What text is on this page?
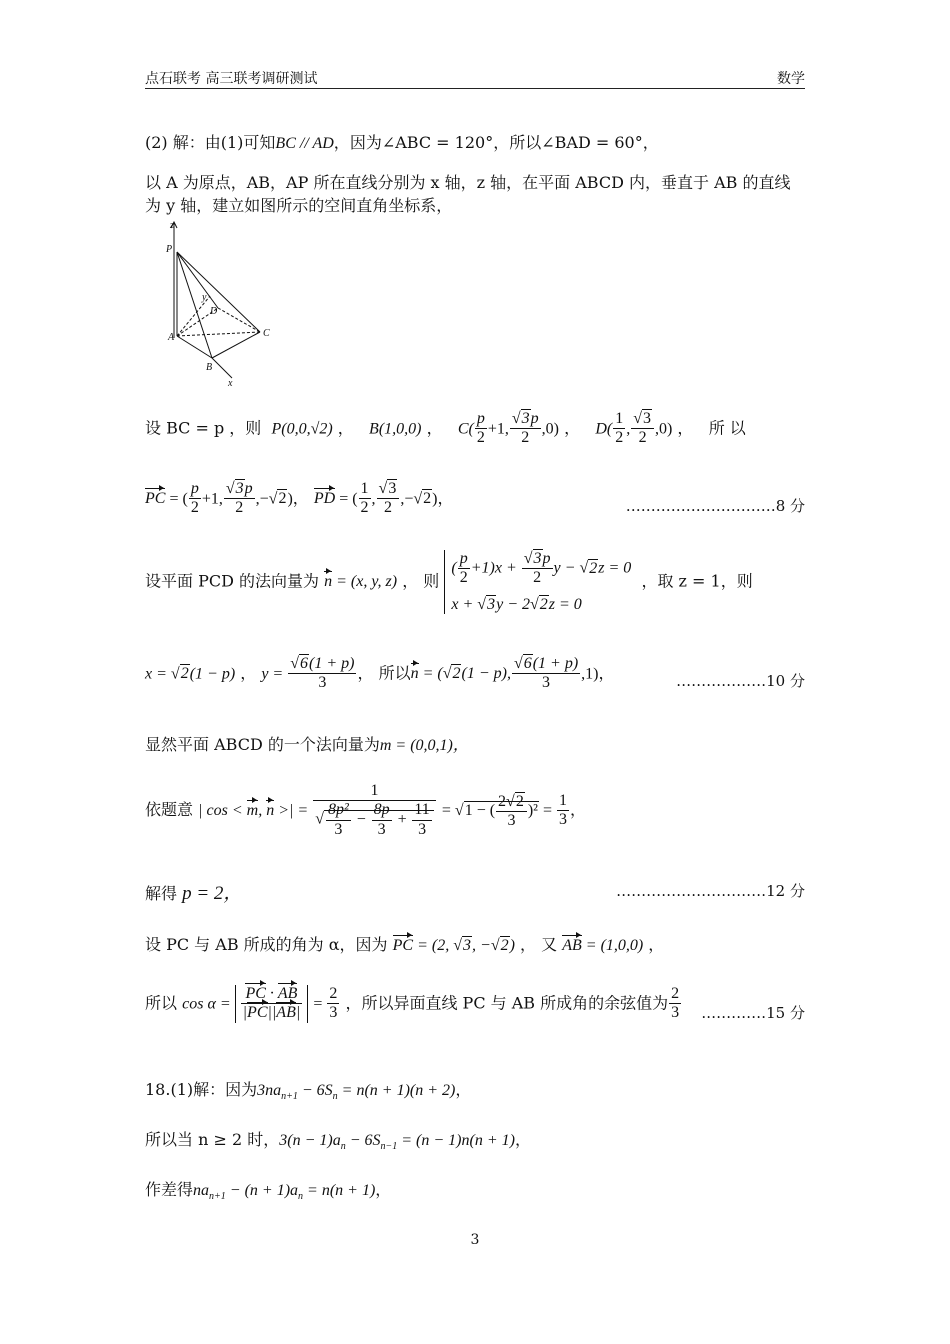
点石联考 高三联考调研测试	数学
(2) 解：由(1)可知BC // AD，因为∠ABC = 120°，所以∠BAD = 60°，
以 A 为原点，AB，AP 所在直线分别为 x 轴，z 轴，在平面 ABCD 内，垂直于 AB 的直线
为 y 轴，建立如图所示的空间直角坐标系，
z
P
y
D
A	C
B
x
设 BC = p ，则 P(0,0,√2) ，   B(1,0,0) ，   $C( \frac{p}{2} +1$, $\frac{√3p}{2} ,0$) ，   $D( \frac{1}{2}$ , $\frac{√3}{2} ,0$) ，   所 以
PC = ( $\frac{p}{2} +1$, $\frac{√3p}{2} ,-√2$)， PD = ( $\frac{1}{2}$ , $\frac{√3}{2} ,-√2$)，	…………………………8 分
设平面 PCD 的法向量为 n = (x, y, z) ， 则
( $\frac{p}{2} +1)x + \frac{√3p}{2}$ y − √2z = 0
x + √3y − 2√2z = 0
，取 z = 1，则
x = √2(1 − p) ， $y = \frac{√6(1 + p)}{3}$ ， 所以n = (√2(1 − p), $\frac{√6(1 + p)}{3} ,1$)，	………………10 分
显然平面 ABCD 的一个法向量为m = (0,0,1)，
依题意 | cos < m, n >| = $\frac{1}{√ \frac{\text{8p²}}{3} - \frac{8p}{3} + \frac{11}{3}} = √1$ − ( $\frac{2√2}{3} )^2 = \frac{1}{3}$ ，
解得 p = 2，	…………………………12 分
设 PC 与 AB 所成的角为 α，因为 PC = (2, √3, −√2) ， 又 AB = (1,0,0) ，
所以 $\cos \alpha = \frac{PC \cdot AB}{|PC||AB|} = \frac{2}{3}$ ，所以异面直线 PC 与 AB 所成角的余弦值为 $\frac{2}{3}$ .…………15 分
18.(1)解：因为$3na_{n+1} - 6S_n = n(n + 1)(n + 2)$，
所以当 n ≥ 2 时，$3(n - 1)a_n - 6S_{n-1} = (n - 1)n(n + 1)$，
作差得$na_{n+1} - (n + 1)a_n = n(n + 1)$，
3
